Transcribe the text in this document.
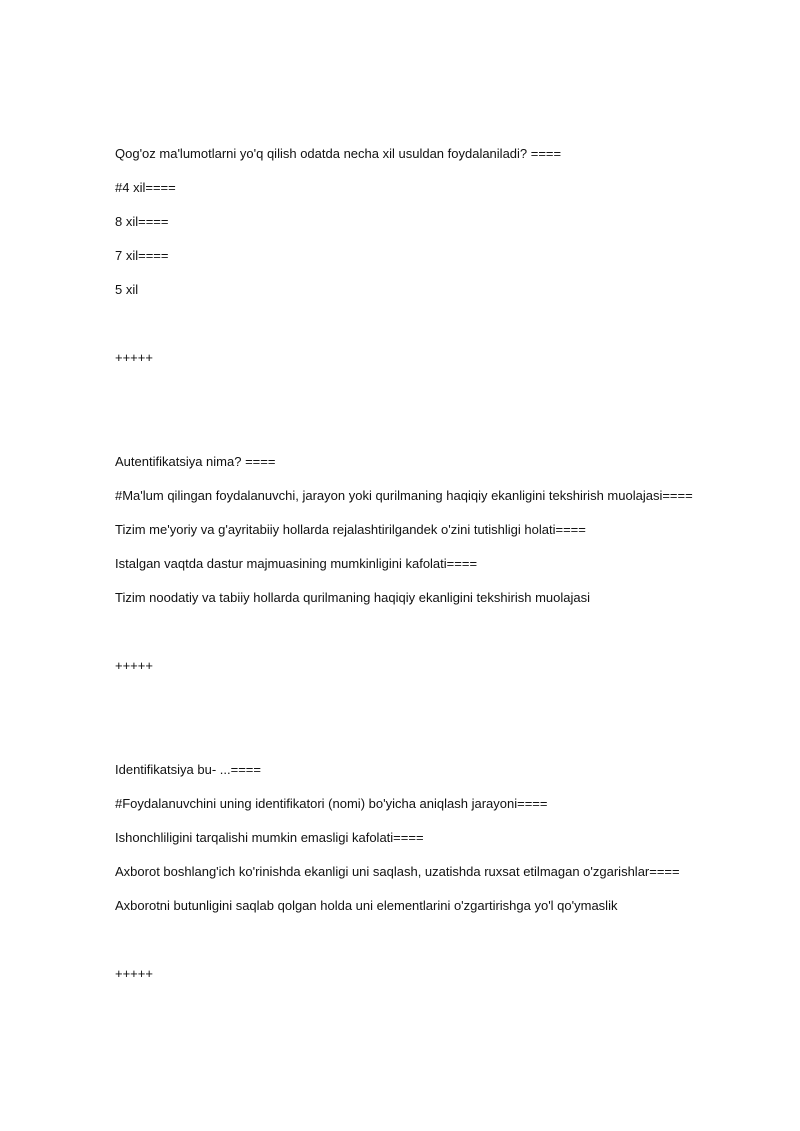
Qog'oz ma'lumotlarni yo'q qilish odatda necha xil usuldan foydalaniladi? ====
#4 xil====
8 xil====
7 xil====
5 xil
+++++
Autentifikatsiya nima? ====
#Ma'lum qilingan foydalanuvchi, jarayon yoki qurilmaning haqiqiy ekanligini tekshirish muolajasi====
Tizim me'yoriy va g'ayritabiiy hollarda rejalashtirilgandek o'zini tutishligi holati====
Istalgan vaqtda dastur majmuasining mumkinligini kafolati====
Tizim noodatiy va tabiiy hollarda qurilmaning haqiqiy ekanligini tekshirish muolajasi
+++++
Identifikatsiya bu- ...====
#Foydalanuvchini uning identifikatori (nomi) bo'yicha aniqlash jarayoni====
Ishonchliligini tarqalishi mumkin emasligi kafolati====
Axborot boshlang'ich ko'rinishda ekanligi uni saqlash, uzatishda ruxsat etilmagan o'zgarishlar====
Axborotni butunligini saqlab qolgan holda uni elementlarini o'zgartirishga yo'l qo'ymaslik
+++++
